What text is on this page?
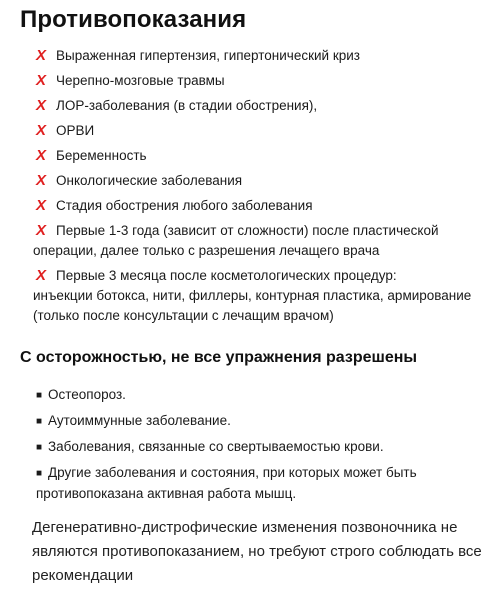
Противопоказания
X Выраженная гипертензия, гипертонический криз
X Черепно-мозговые травмы
X ЛОР-заболевания (в стадии обострения),
X ОРВИ
X Беременность
X Онкологические заболевания
X Стадия обострения любого заболевания
X Первые 1-3 года (зависит от сложности) после пластической
операции, далее только с разрешения лечащего врача
X Первые 3 месяца после косметологических процедур:
инъекции ботокса, нити, филлеры, контурная пластика, армирование
(только после консультации с лечащим врачом)
С осторожностью, не все упражнения разрешены
■ Остеопороз.
■ Аутоиммунные заболевание.
■ Заболевания, связанные со свертываемостью крови.
■ Другие заболевания и состояния, при которых может быть
противопоказана активная работа мышц.
Дегенеративно-дистрофические изменения позвоночника не являются противопоказанием, но требуют строго соблюдать все рекомендации
